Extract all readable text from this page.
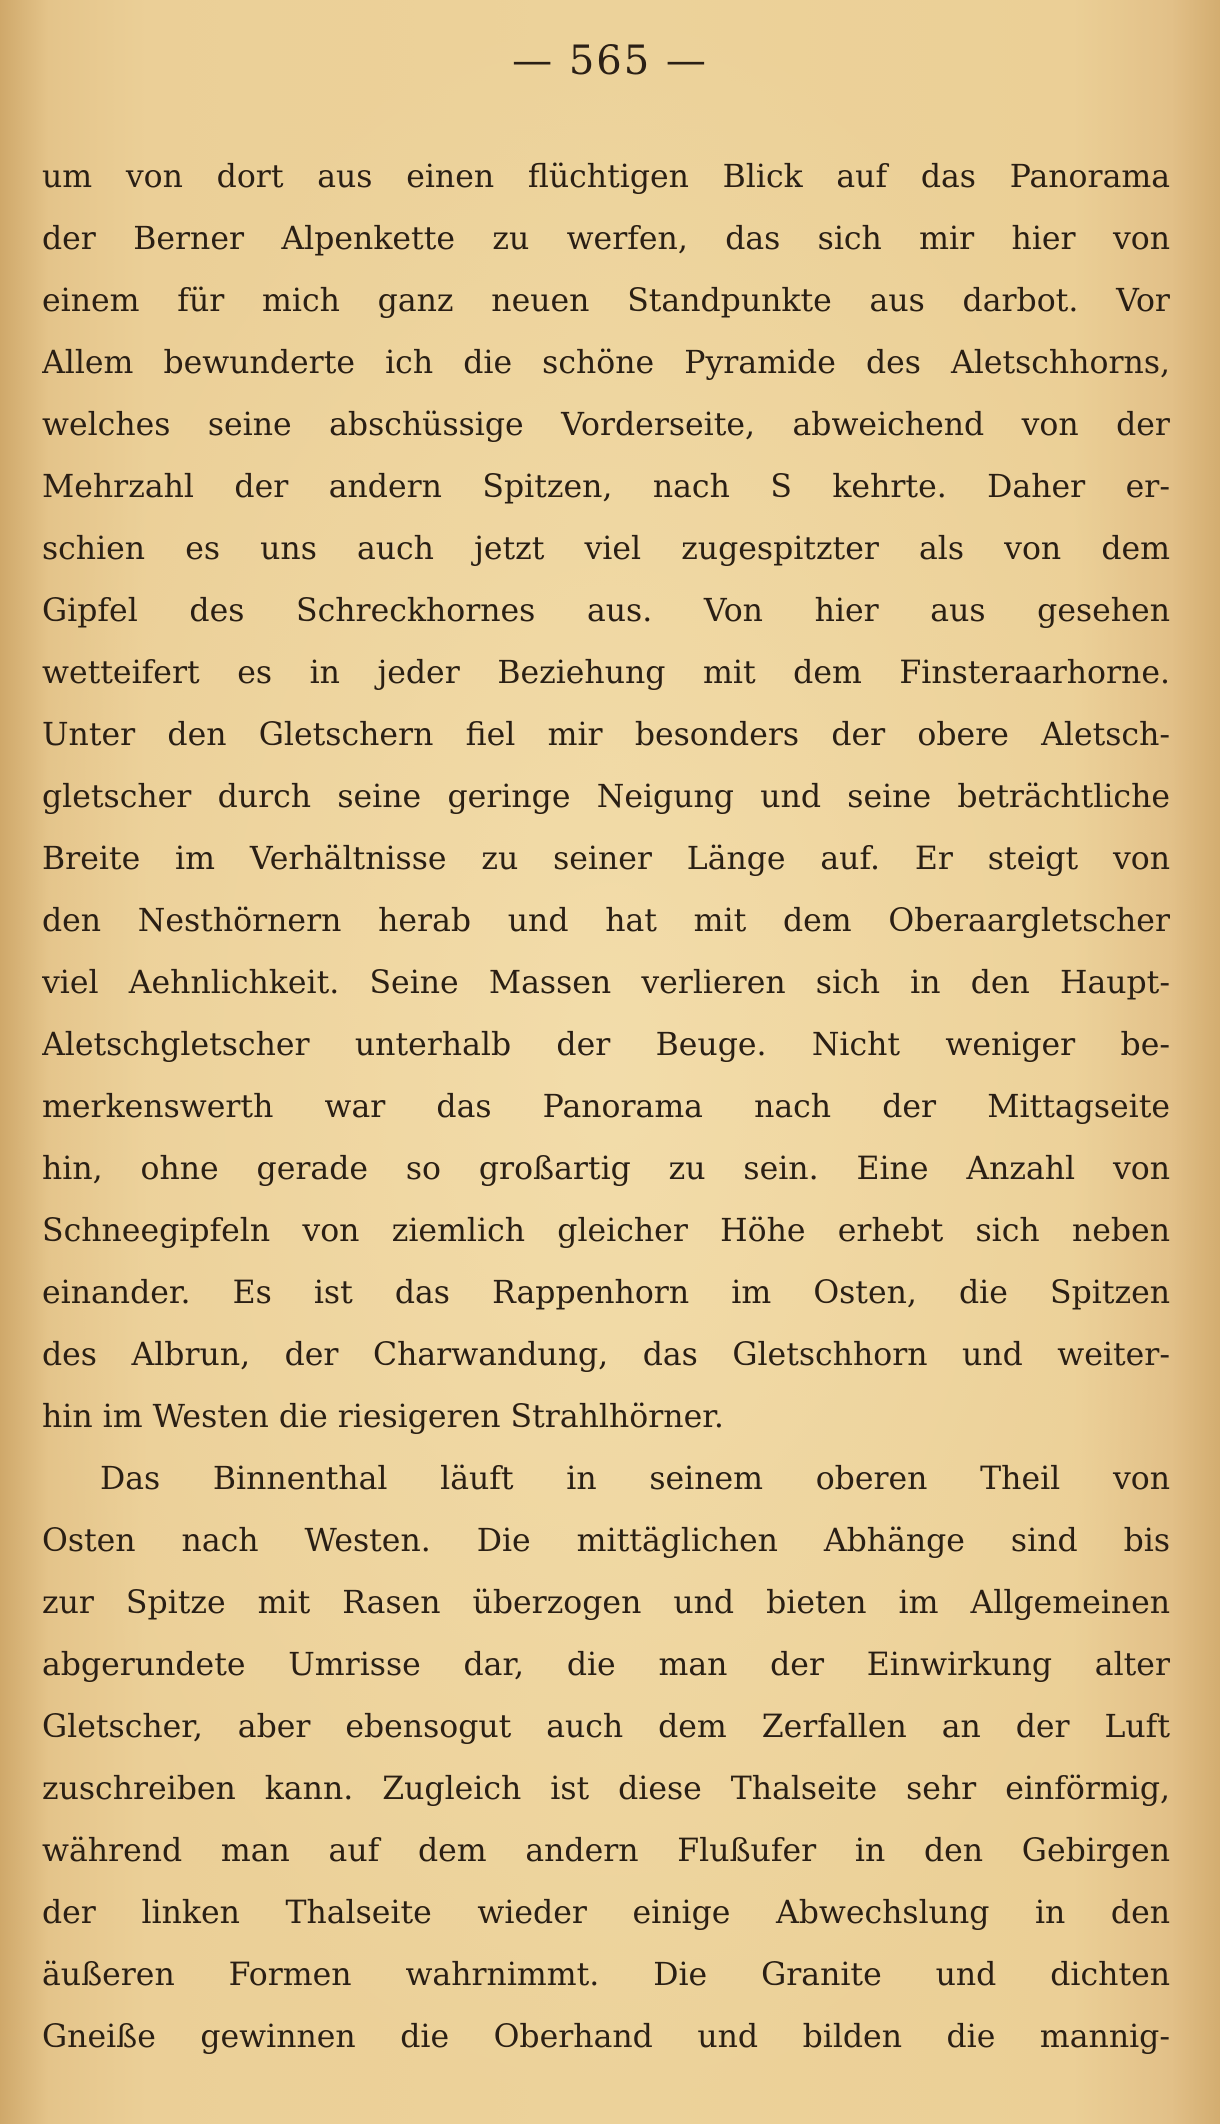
— 565 —
um von dort aus einen flüchtigen Blick auf das Panorama
der Berner Alpenkette zu werfen, das sich mir hier von
einem für mich ganz neuen Standpunkte aus darbot. Vor
Allem bewunderte ich die schöne Pyramide des Aletschhorns,
welches seine abschüssige Vorderseite, abweichend von der
Mehrzahl der andern Spitzen, nach S kehrte. Daher er-
schien es uns auch jetzt viel zugespitzter als von dem
Gipfel des Schreckhornes aus. Von hier aus gesehen
wetteifert es in jeder Beziehung mit dem Finsteraarhorne.
Unter den Gletschern fiel mir besonders der obere Aletsch-
gletscher durch seine geringe Neigung und seine beträchtliche
Breite im Verhältnisse zu seiner Länge auf. Er steigt von
den Nesthörnern herab und hat mit dem Oberaargletscher
viel Aehnlichkeit. Seine Massen verlieren sich in den Haupt-
Aletschgletscher unterhalb der Beuge. Nicht weniger be-
merkenswerth war das Panorama nach der Mittagseite
hin, ohne gerade so großartig zu sein. Eine Anzahl von
Schneegipfeln von ziemlich gleicher Höhe erhebt sich neben
einander. Es ist das Rappenhorn im Osten, die Spitzen
des Albrun, der Charwandung, das Gletschhorn und weiter-
hin im Westen die riesigeren Strahlhörner.
Das Binnenthal läuft in seinem oberen Theil von
Osten nach Westen. Die mittäglichen Abhänge sind bis
zur Spitze mit Rasen überzogen und bieten im Allgemeinen
abgerundete Umrisse dar, die man der Einwirkung alter
Gletscher, aber ebensogut auch dem Zerfallen an der Luft
zuschreiben kann. Zugleich ist diese Thalseite sehr einförmig,
während man auf dem andern Flußufer in den Gebirgen
der linken Thalseite wieder einige Abwechslung in den
äußeren Formen wahrnimmt. Die Granite und dichten
Gneiße gewinnen die Oberhand und bilden die mannig-
